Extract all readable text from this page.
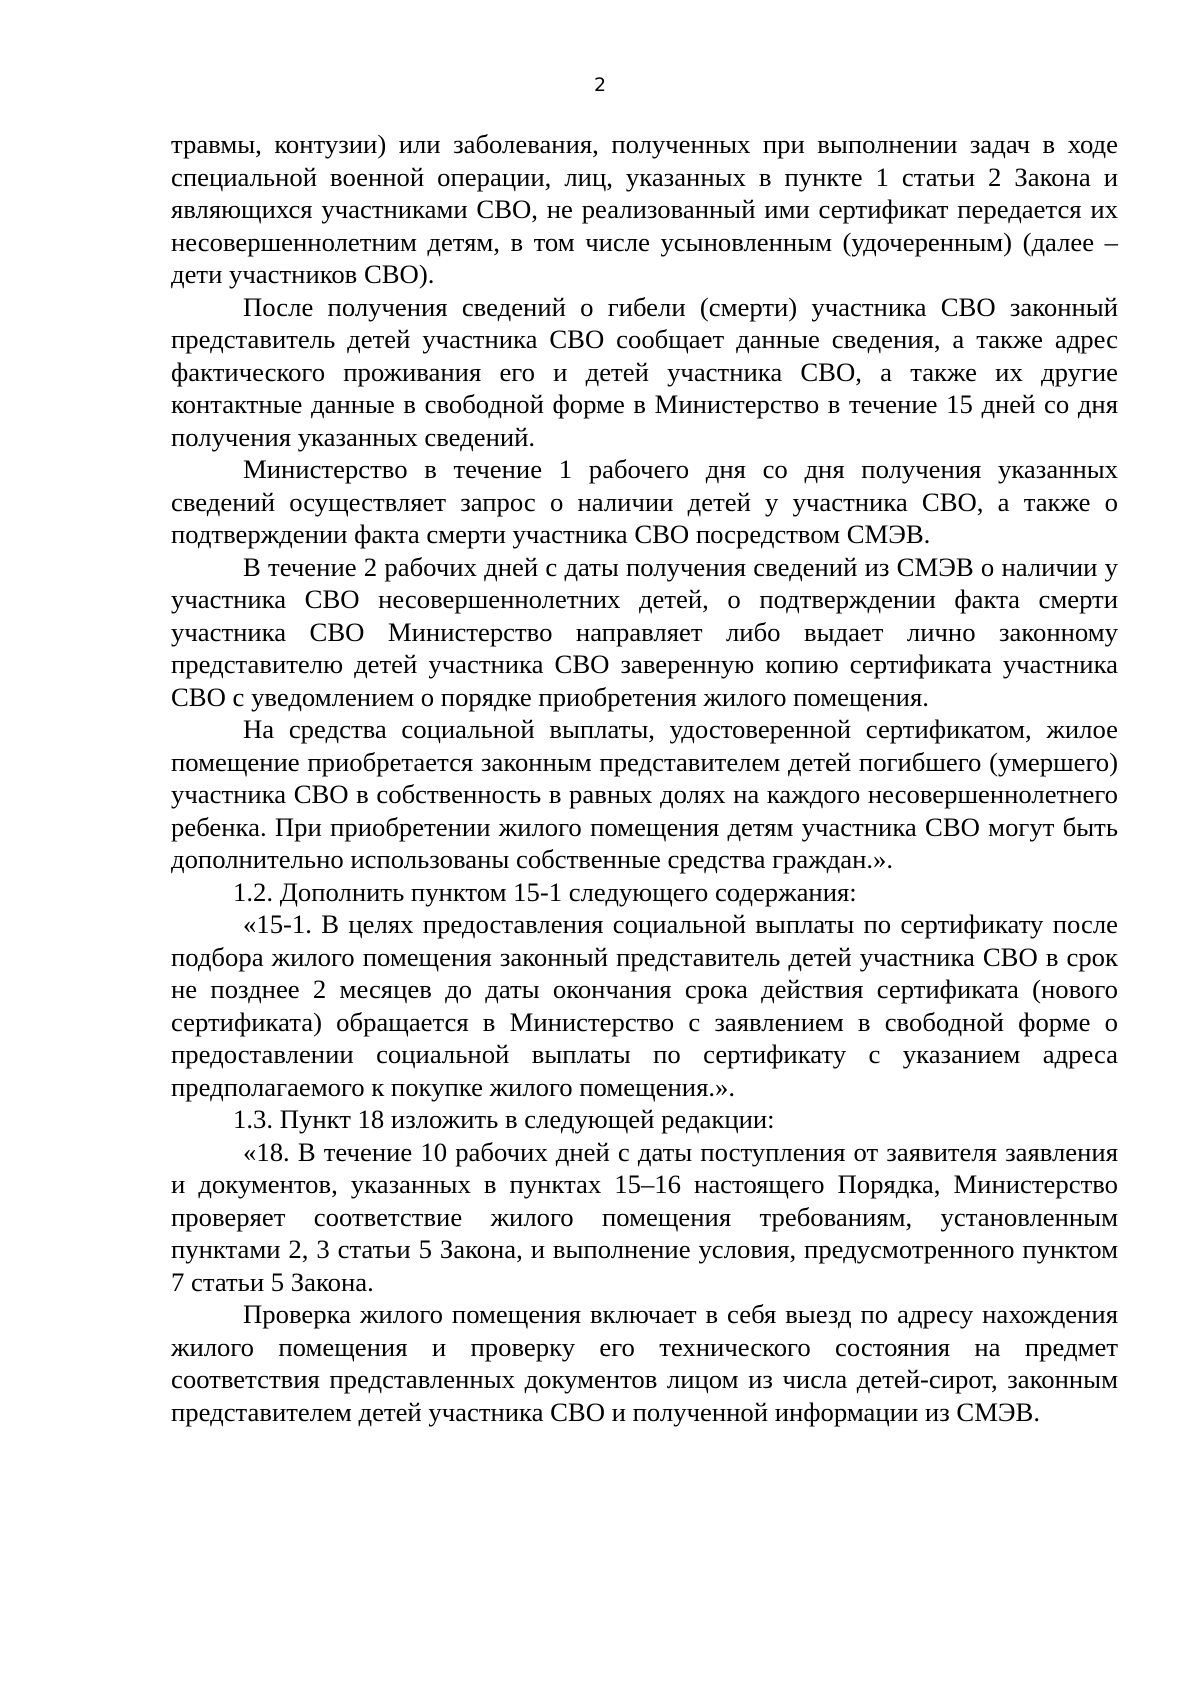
2

травмы, контузии) или заболевания, полученных при выполнении задач в ходе специальной военной операции, лиц, указанных в пункте 1 статьи 2 Закона и являющихся участниками СВО, не реализованный ими сертификат передается их несовершеннолетним детям, в том числе усыновленным (удочеренным) (далее – дети участников СВО).

После получения сведений о гибели (смерти) участника СВО законный представитель детей участника СВО сообщает данные сведения, а также адрес фактического проживания его и детей участника СВО, а также их другие контактные данные в свободной форме в Министерство в течение 15 дней со дня получения указанных сведений.

Министерство в течение 1 рабочего дня со дня получения указанных сведений осуществляет запрос о наличии детей у участника СВО, а также о подтверждении факта смерти участника СВО посредством СМЭВ.

В течение 2 рабочих дней с даты получения сведений из СМЭВ о наличии у участника СВО несовершеннолетних детей, о подтверждении факта смерти участника СВО Министерство направляет либо выдает лично законному представителю детей участника СВО заверенную копию сертификата участника СВО с уведомлением о порядке приобретения жилого помещения.

На средства социальной выплаты, удостоверенной сертификатом, жилое помещение приобретается законным представителем детей погибшего (умершего) участника СВО в собственность в равных долях на каждого несовершеннолетнего ребенка. При приобретении жилого помещения детям участника СВО могут быть дополнительно использованы собственные средства граждан.».

1.2. Дополнить пунктом 15-1 следующего содержания:

«15-1. В целях предоставления социальной выплаты по сертификату после подбора жилого помещения законный представитель детей участника СВО в срок не позднее 2 месяцев до даты окончания срока действия сертификата (нового сертификата) обращается в Министерство с заявлением в свободной форме о предоставлении социальной выплаты по сертификату с указанием адреса предполагаемого к покупке жилого помещения.».

1.3. Пункт 18 изложить в следующей редакции:

«18. В течение 10 рабочих дней с даты поступления от заявителя заявления и документов, указанных в пунктах 15–16 настоящего Порядка, Министерство проверяет соответствие жилого помещения требованиям, установленным пунктами 2, 3 статьи 5 Закона, и выполнение условия, предусмотренного пунктом 7 статьи 5 Закона.

Проверка жилого помещения включает в себя выезд по адресу нахождения жилого помещения и проверку его технического состояния на предмет соответствия представленных документов лицом из числа детей-сирот, законным представителем детей участника СВО и полученной информации из СМЭВ.
